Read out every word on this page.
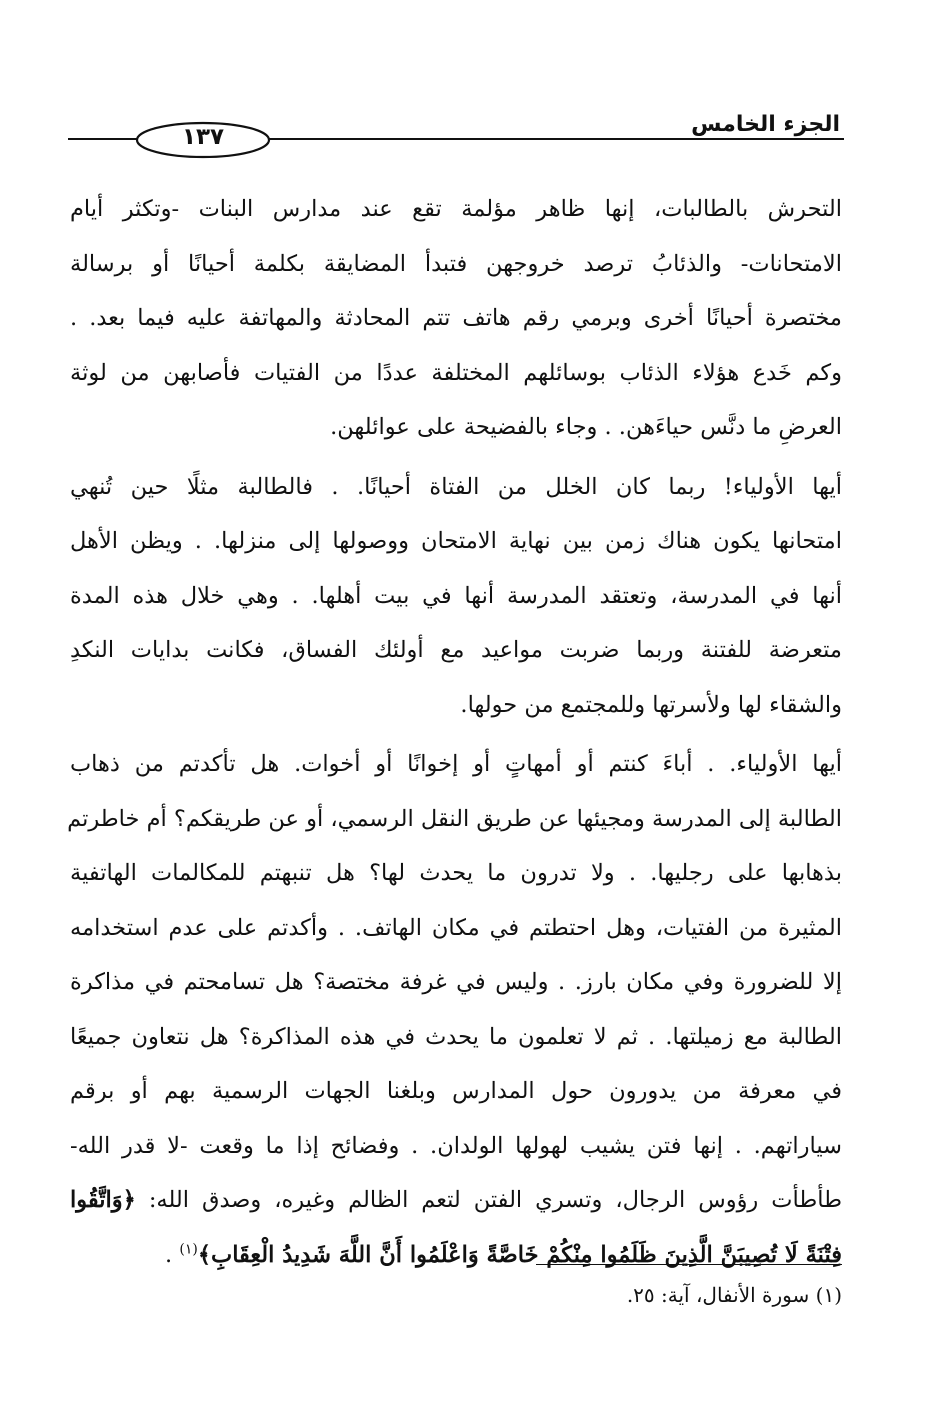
الجزء الخامس
١٣٧

التحرش بالطالبات، إنها ظاهر مؤلمة تقع عند مدارس البنات -وتكثر أيام
الامتحانات- والذئابُ ترصد خروجهن فتبدأ المضايقة بكلمة أحيانًا أو برسالة
مختصرة أحيانًا أخرى وبرمي رقم هاتف تتم المحادثة والمهاتفة عليه فيما بعد. .
وكم خَدع هؤلاء الذئاب بوسائلهم المختلفة عددًا من الفتيات فأصابهن من لوثة
العرضِ ما دنَّس حياءَهن. . وجاء بالفضيحة على عوائلهن.

أيها الأولياء! ربما كان الخلل من الفتاة أحيانًا. . فالطالبة مثلًا حين تُنهي
امتحانها يكون هناك زمن بين نهاية الامتحان ووصولها إلى منزلها. . ويظن الأهل
أنها في المدرسة، وتعتقد المدرسة أنها في بيت أهلها. . وهي خلال هذه المدة
متعرضة للفتنة وربما ضربت مواعيد مع أولئك الفساق، فكانت بدايات النكدِ
والشقاء لها ولأسرتها وللمجتمع من حولها.

أيها الأولياء. . أباءَ كنتم أو أمهاتٍ أو إخوانًا أو أخوات. هل تأكدتم من ذهاب
الطالبة إلى المدرسة ومجيئها عن طريق النقل الرسمي، أو عن طريقكم؟ أم خاطرتم
بذهابها على رجليها. . ولا تدرون ما يحدث لها؟ هل تنبهتم للمكالمات الهاتفية
المثيرة من الفتيات، وهل احتطتم في مكان الهاتف. . وأكدتم على عدم استخدامه
إلا للضرورة وفي مكان بارز. . وليس في غرفة مختصة؟ هل تسامحتم في مذاكرة
الطالبة مع زميلتها. . ثم لا تعلمون ما يحدث في هذه المذاكرة؟ هل نتعاون جميعًا
في معرفة من يدورون حول المدارس وبلغنا الجهات الرسمية بهم أو برقم
سياراتهم. . إنها فتن يشيب لهولها الولدان. . وفضائح إذا ما وقعت -لا قدر الله-
طأطأت رؤوس الرجال، وتسري الفتن لتعم الظالم وغيره، وصدق الله: ﴿وَاتَّقُوا
فِتْنَةً لَا تُصِيبَنَّ الَّذِينَ ظَلَمُوا مِنْكُمْ خَاصَّةً وَاعْلَمُوا أَنَّ اللَّهَ شَدِيدُ الْعِقَابِ﴾$^{(١)}$ .

(١) سورة الأنفال، آية: ٢٥.
